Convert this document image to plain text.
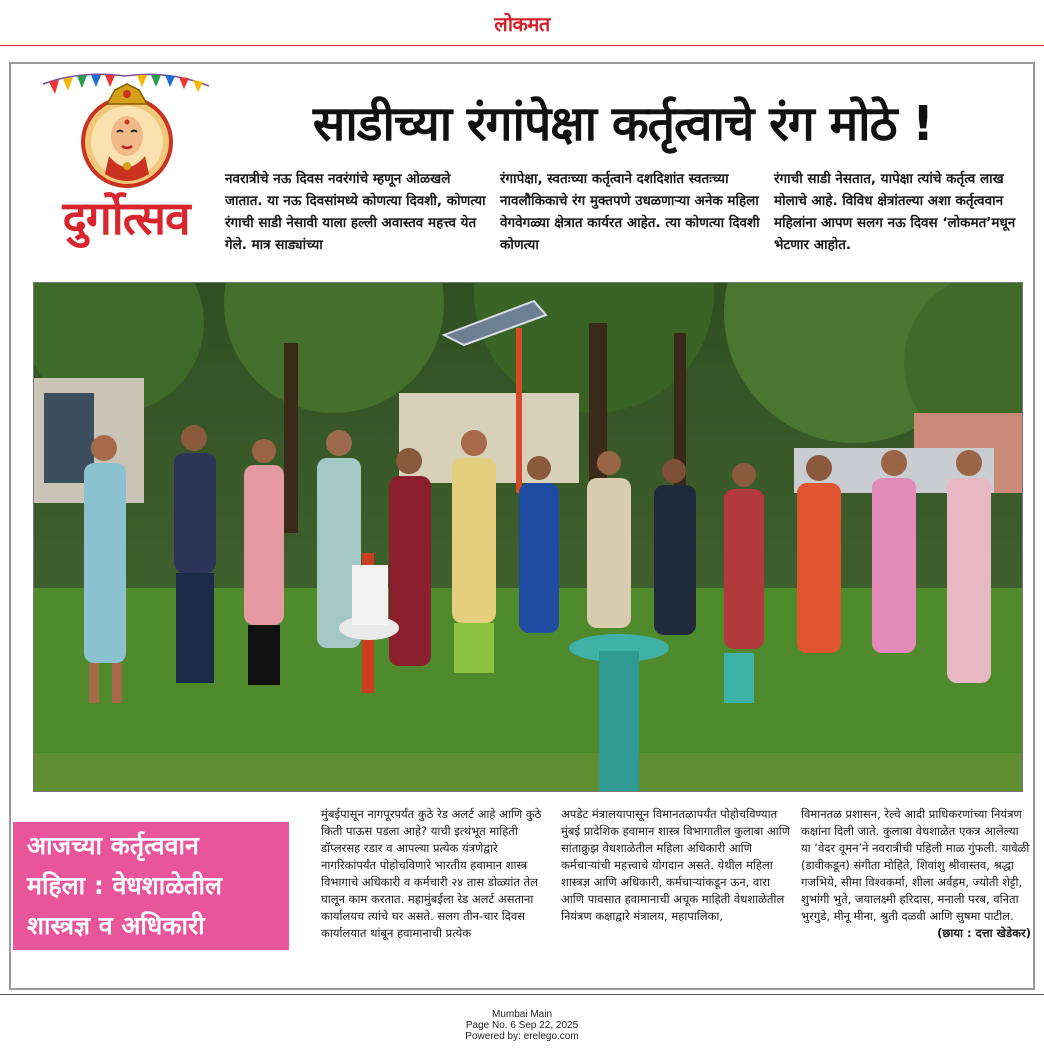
लोकमत
दुर्गोत्सव
साडीच्या रंगांपेक्षा कर्तृत्वाचे रंग मोठे !

नवरात्रीचे नऊ दिवस नवरंगांचे म्हणून ओळखले जातात. या नऊ दिवसांमध्ये कोणत्या दिवशी, कोणत्या रंगाची साडी नेसावी याला हल्ली अवास्तव महत्त्व येत गेले. मात्र साड्यांच्या

रंगापेक्षा, स्वतःच्या कर्तृत्वाने दशदिशांत स्वतःच्या नावलौकिकाचे रंग मुक्तपणे उधळणाऱ्या अनेक महिला वेगवेगळ्या क्षेत्रात कार्यरत आहेत. त्या कोणत्या दिवशी कोणत्या

रंगाची साडी नेसतात, यापेक्षा त्यांचे कर्तृत्व लाख मोलाचे आहे. विविध क्षेत्रांतल्या अशा कर्तृत्ववान महिलांना आपण सलग नऊ दिवस ‘लोकमत’मधून भेटणार आहोत.

आजच्या कर्तृत्ववान
महिला : वेधशाळेतील
शास्त्रज्ञ व अधिकारी

मुंबईपासून नागपूरपर्यंत कुठे रेड अलर्ट आहे आणि कुठे किती पाऊस पडला आहे? याची इत्थंभूत माहिती डॉप्लरसह रडार व आपल्या प्रत्येक यंत्रणेद्वारे नागरिकांपर्यंत पोहोचविणारे भारतीय हवामान शास्त्र विभागाचे अधिकारी व कर्मचारी २४ तास डोळ्यांत तेल घालून काम करतात. महामुंबईला रेड अलर्ट असताना कार्यालयच त्यांचे घर असते. सलग तीन-चार दिवस कार्यालयात थांबून हवामानाची प्रत्येक

अपडेट मंत्रालयापासून विमानतळापर्यंत पोहोचविण्यात मुंबई प्रादेशिक हवामान शास्त्र विभागातील कुलाबा आणि सांताक्रुझ वेधशाळेतील महिला अधिकारी आणि कर्मचाऱ्यांची महत्त्वाचे योगदान असते. येथील महिला शास्त्रज्ञ आणि अधिकारी, कर्मचाऱ्यांकडून ऊन, वारा आणि पावसात हवामानाची अचूक माहिती वेधशाळेतील नियंत्रण कक्षाद्वारे मंत्रालय, महापालिका,

विमानतळ प्रशासन, रेल्वे आदी प्राधिकरणांच्या नियंत्रण कक्षांना दिली जाते. कुलाबा वेधशाळेत एकत्र आलेल्या या ‘वेदर वूमन’ने नवरात्रीची पहिली माळ गुंफली. यावेळी (डावीकडून) संगीता मोहिते, शिवांशु श्रीवास्तव, श्रद्धा गजभिये, सीमा विश्वकर्मा, शीला अर्वहम, ज्योती शेट्टी, शुभांगी भुते, जयालक्ष्मी हरिदास, मनाली परब, वनिता भुरगुडे, मीनू मीना, श्रुती दळवी आणि सुषमा पाटील.
(छाया : दत्ता खेडेकर)
Mumbai Main
Page No. 6 Sep 22, 2025
Powered by: erelego.com
